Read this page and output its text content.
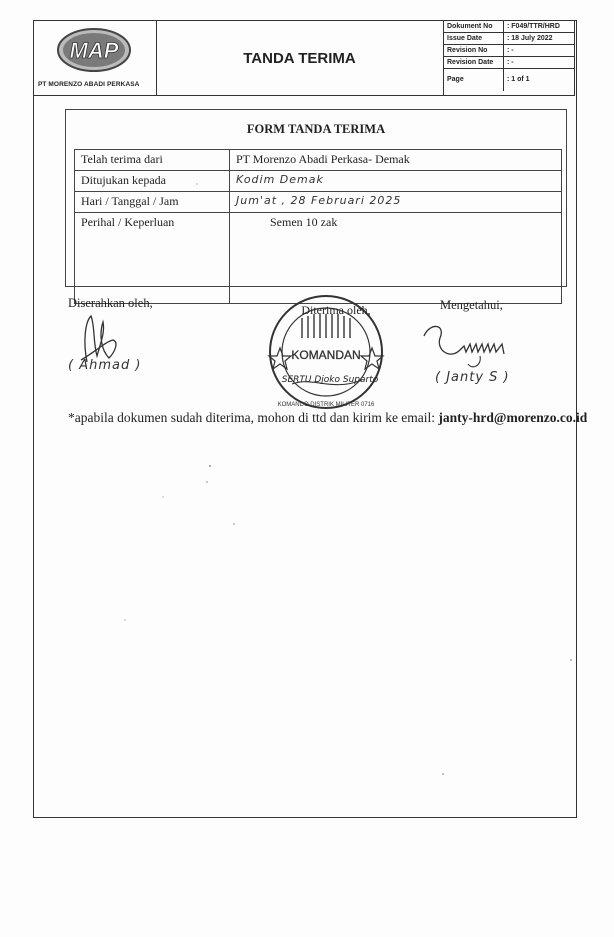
MAP
PT MORENZO ABADI PERKASA
TANDA TERIMA
Dokument No	: F049/TTR/HRD
Issue Date	: 18 July 2022
Revision No	: -
Revision Date	: -
Page	: 1 of 1
FORM TANDA TERIMA
Telah terima dari	PT Morenzo Abadi Perkasa- Demak
Ditujukan kepada	Kodim Demak
Hari / Tanggal / Jam	Jum'at , 28 Februari 2025
Perihal / Keperluan	Semen 10 zak
Diserahkan oleh,
( Ahmad )
Diterima oleh,
KOMANDAN
KOMANDO DISTRIK MILITER 0716
SERTU Djoko Suparto
Mengetahui,
( Janty S )
*apabila dokumen sudah diterima, mohon di ttd dan kirim ke email: janty-hrd@morenzo.co.id
